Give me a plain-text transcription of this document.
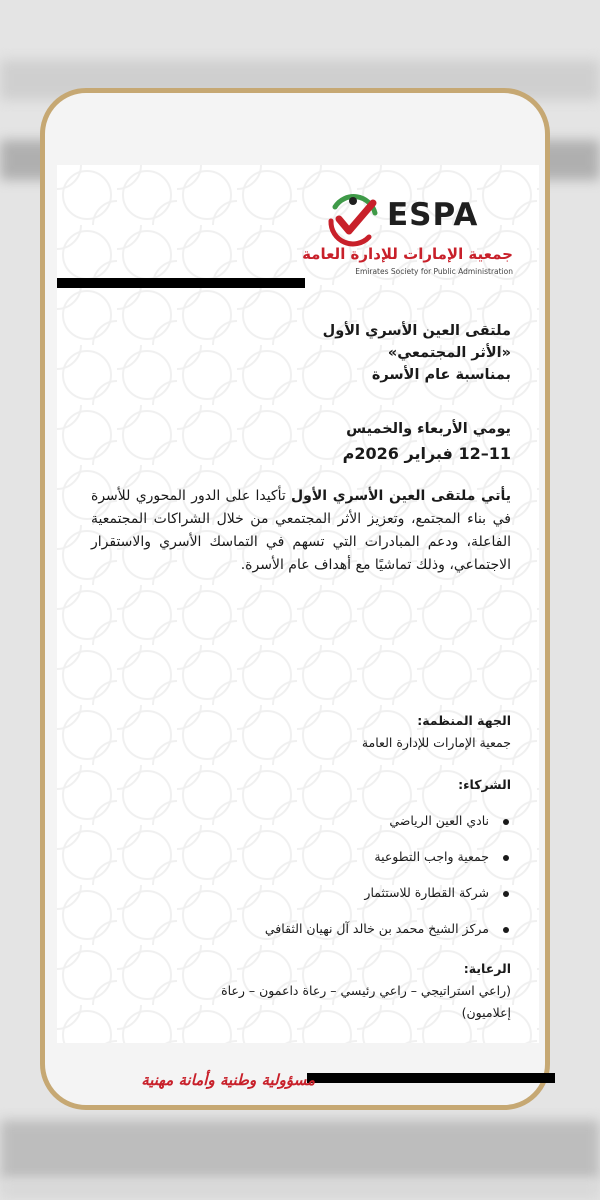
ESPA
جمعية الإمارات للإدارة العامة
Emirates Society for Public Administration
ملتقى العين الأسري الأول
«الأثر المجتمعي»
بمناسبة عام الأسرة
يومي الأربعاء والخميس
11–12 فبراير 2026م
يأتي ملتقى العين الأسري الأول تأكيدا على الدور المحوري للأسرة في بناء المجتمع، وتعزيز الأثر المجتمعي من خلال الشراكات المجتمعية الفاعلة، ودعم المبادرات التي تسهم في التماسك الأسري والاستقرار الاجتماعي، وذلك تماشيًا مع أهداف عام الأسرة.
الجهة المنظمة:
جمعية الإمارات للإدارة العامة
الشركاء:
نادي العين الرياضي
جمعية واجب التطوعية
شركة القطارة للاستثمار
مركز الشيخ محمد بن خالد آل نهيان الثقافي
الرعاية:
(راعي استراتيجي – راعي رئيسي – رعاة داعمون – رعاة
إعلاميون)
مسؤولية وطنية وأمانة مهنية
